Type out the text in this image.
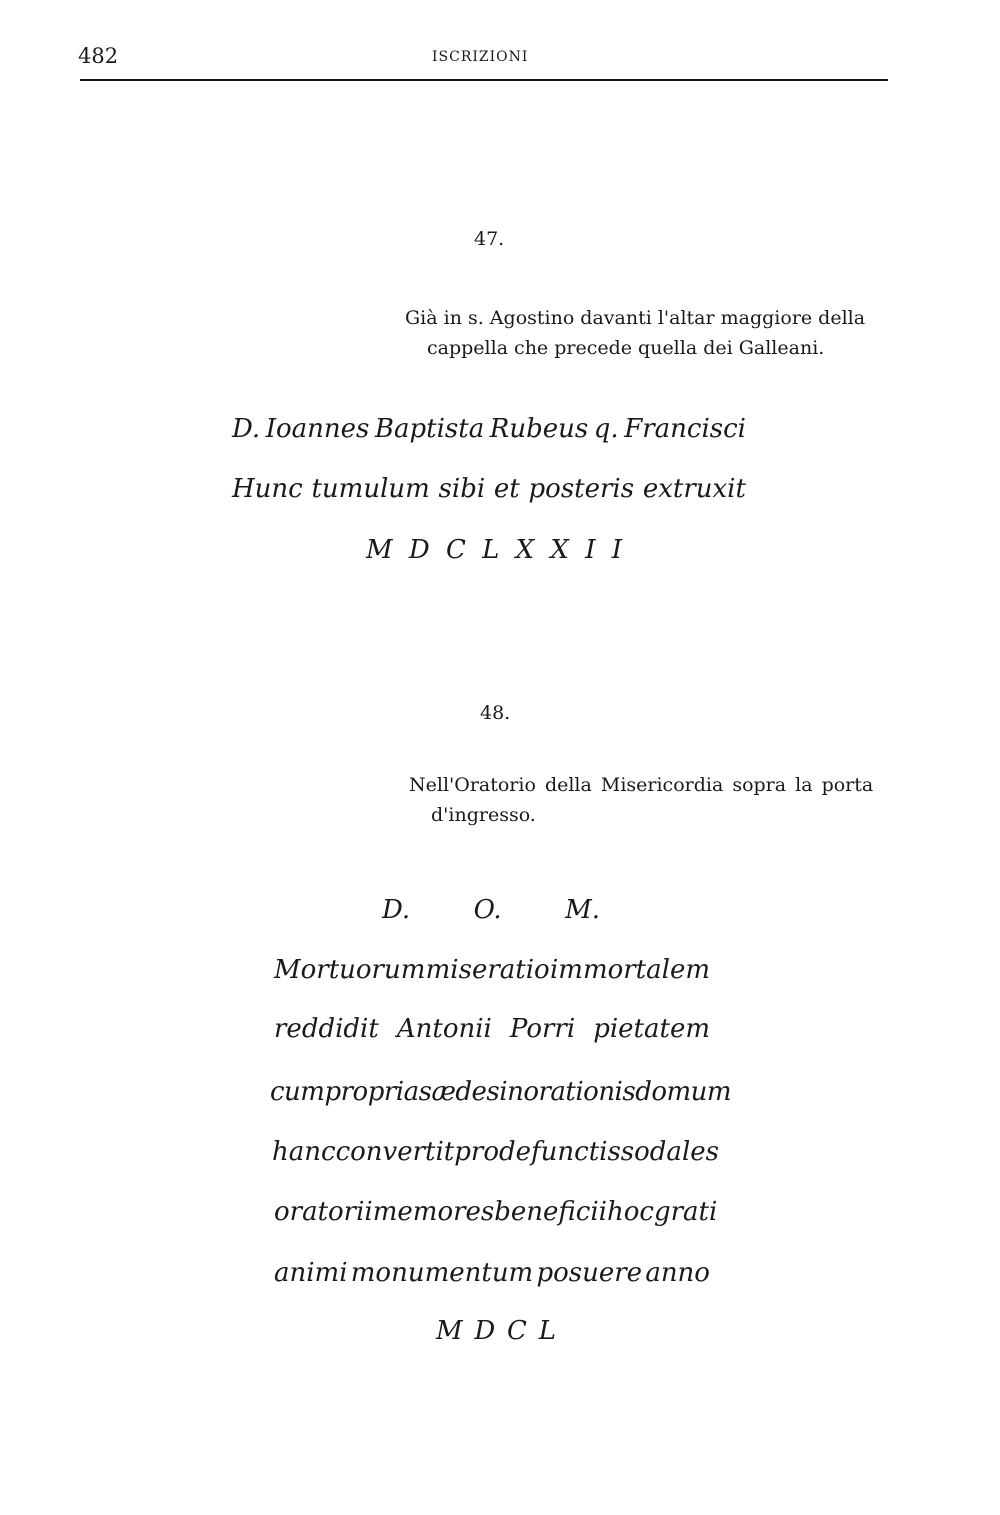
482	ISCRIZIONI
47.
Già in s. Agostino davanti l'altar maggiore della
cappella che precede quella dei Galleani.
D. Ioannes Baptista Rubeus q. Francisci
Hunc tumulum sibi et posteris extruxit
M D C L X X I I
48.
Nell'Oratorio della Misericordia sopra la porta
d'ingresso.
D. O. M.
Mortuorum miseratio immortalem
reddidit Antonii Porri pietatem
cum proprias ædes in orationis domum
hanc convertit pro defunctis sodales
oratorii memores beneficii hoc grati
animi monumentum posuere anno
M D C L
